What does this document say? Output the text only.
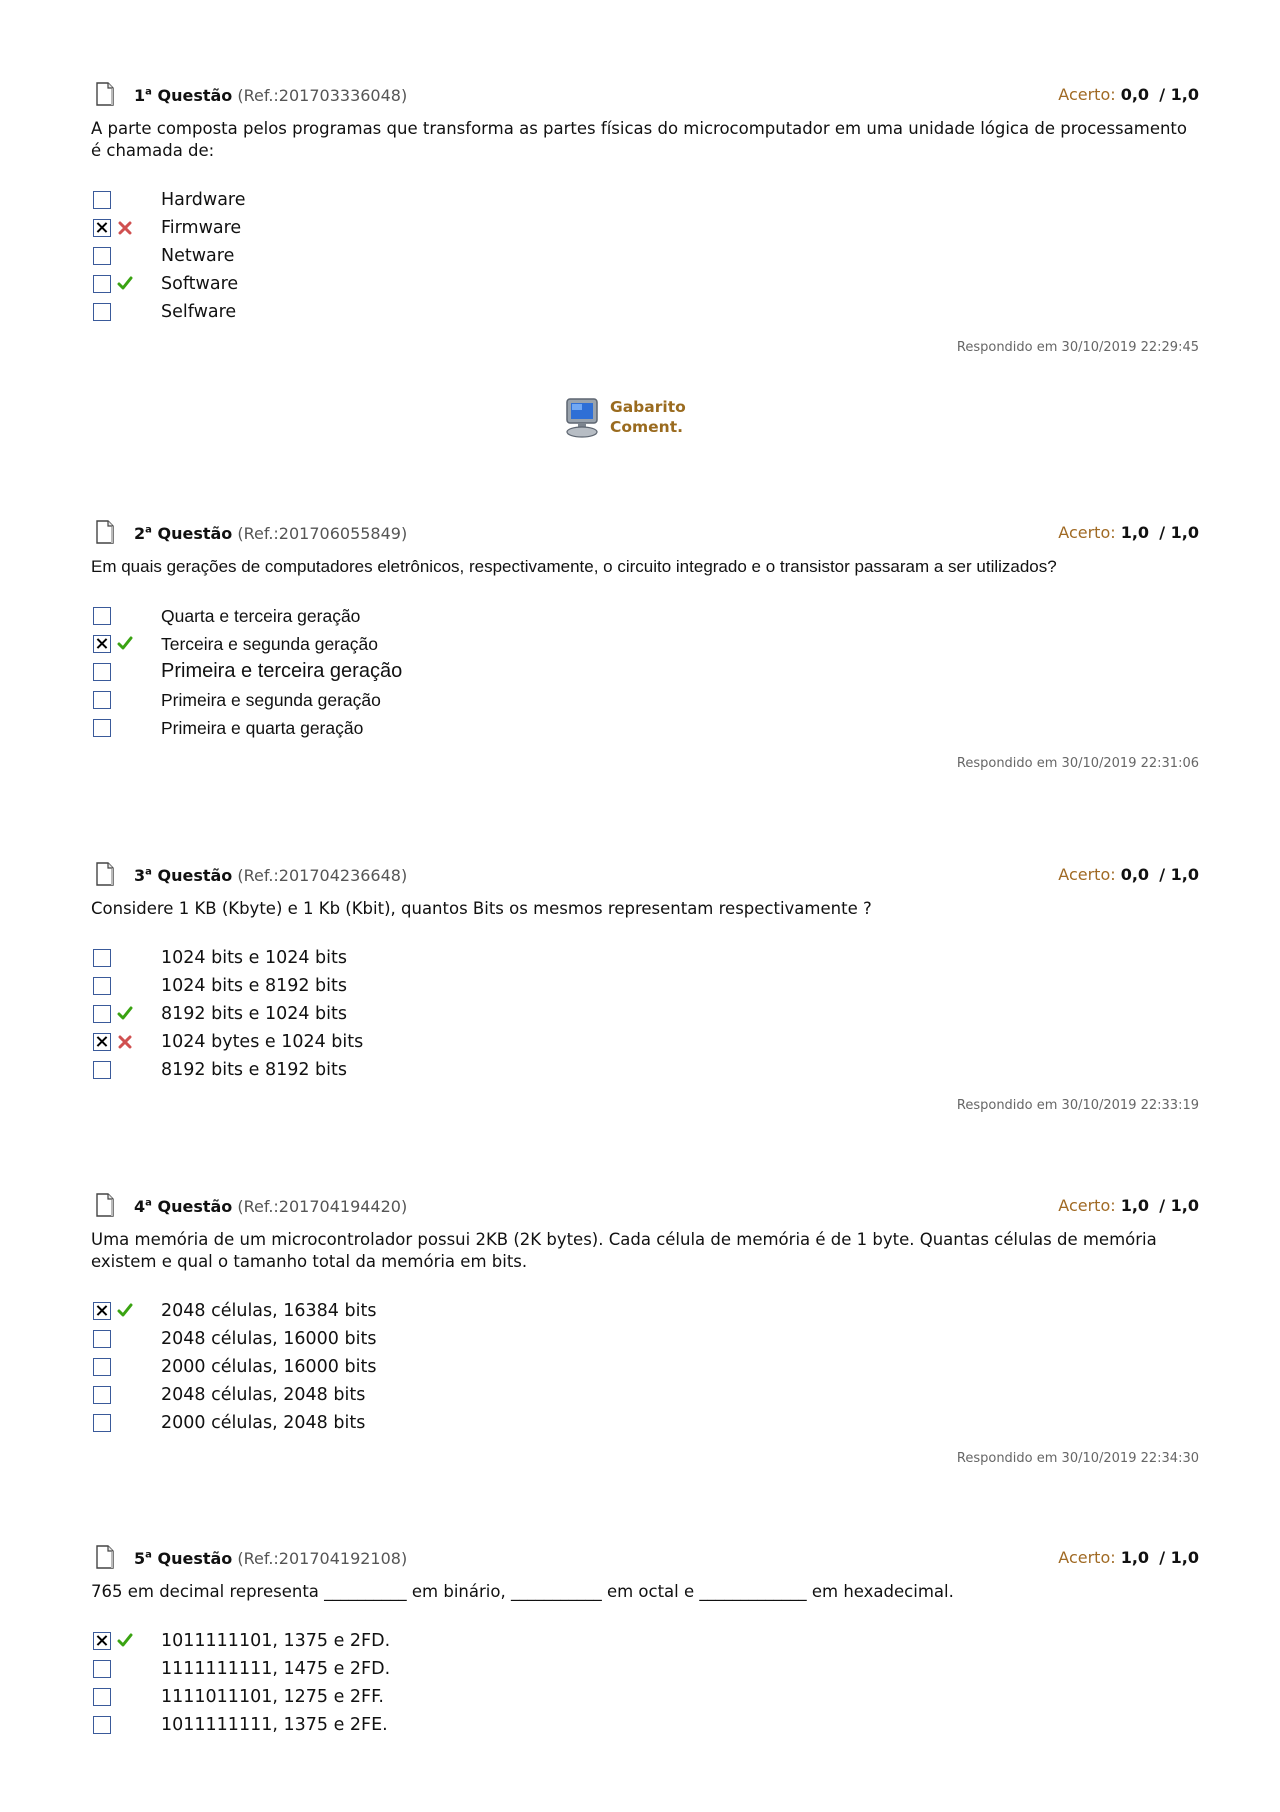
1$^a$ Questão (Ref.:201703336048)	Acerto: 0,0 / 1,0
A parte composta pelos programas que transforma as partes físicas do microcomputador em uma unidade lógica de processamento é chamada de:
Hardware
Firmware
Netware
Software
Selfware
Respondido em 30/10/2019 22:29:45
Gabarito
Coment.
2$^a$ Questão (Ref.:201706055849)	Acerto: 1,0 / 1,0
Em quais gerações de computadores eletrônicos, respectivamente, o circuito integrado e o transistor passaram a ser utilizados?
Quarta e terceira geração
Terceira e segunda geração
Primeira e terceira geração
Primeira e segunda geração
Primeira e quarta geração
Respondido em 30/10/2019 22:31:06
3$^a$ Questão (Ref.:201704236648)	Acerto: 0,0 / 1,0
Considere 1 KB (Kbyte) e 1 Kb (Kbit), quantos Bits os mesmos representam respectivamente ?
1024 bits e 1024 bits
1024 bits e 8192 bits
8192 bits e 1024 bits
1024 bytes e 1024 bits
8192 bits e 8192 bits
Respondido em 30/10/2019 22:33:19
4$^a$ Questão (Ref.:201704194420)	Acerto: 1,0 / 1,0
Uma memória de um microcontrolador possui 2KB (2K bytes). Cada célula de memória é de 1 byte. Quantas células de memória existem e qual o tamanho total da memória em bits.
2048 células, 16384 bits
2048 células, 16000 bits
2000 células, 16000 bits
2048 células, 2048 bits
2000 células, 2048 bits
Respondido em 30/10/2019 22:34:30
5$^a$ Questão (Ref.:201704192108)	Acerto: 1,0 / 1,0
765 em decimal representa __________ em binário, ___________ em octal e _____________ em hexadecimal.
1011111101, 1375 e 2FD.
1111111111, 1475 e 2FD.
1111011101, 1275 e 2FF.
1011111111, 1375 e 2FE.
